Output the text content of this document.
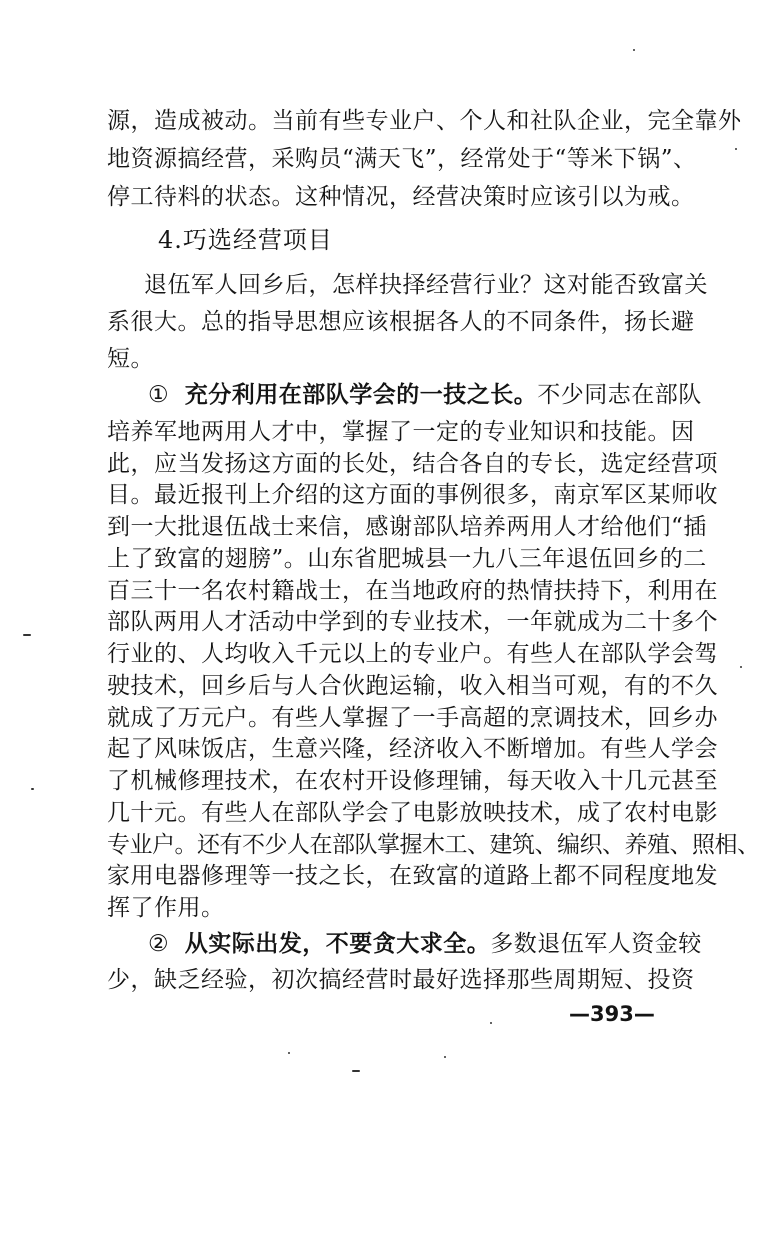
源，造成被动。当前有些专业户、个人和社队企业，完全靠外
地资源搞经营，采购员“满天飞”，经常处于“等米下锅”、
停工待料的状态。这种情况，经营决策时应该引以为戒。
4.巧选经营项目
退伍军人回乡后，怎样抉择经营行业？这对能否致富关
系很大。总的指导思想应该根据各人的不同条件，扬长避
短。
① 充分利用在部队学会的一技之长。不少同志在部队
培养军地两用人才中，掌握了一定的专业知识和技能。因
此，应当发扬这方面的长处，结合各自的专长，选定经营项
目。最近报刊上介绍的这方面的事例很多，南京军区某师收
到一大批退伍战士来信，感谢部队培养两用人才给他们“插
上了致富的翅膀”。山东省肥城县一九八三年退伍回乡的二
百三十一名农村籍战士，在当地政府的热情扶持下，利用在
部队两用人才活动中学到的专业技术，一年就成为二十多个
行业的、人均收入千元以上的专业户。有些人在部队学会驾
驶技术，回乡后与人合伙跑运输，收入相当可观，有的不久
就成了万元户。有些人掌握了一手高超的烹调技术，回乡办
起了风味饭店，生意兴隆，经济收入不断增加。有些人学会
了机械修理技术，在农村开设修理铺，每天收入十几元甚至
几十元。有些人在部队学会了电影放映技术，成了农村电影
专业户。还有不少人在部队掌握木工、建筑、编织、养殖、照相、
家用电器修理等一技之长，在致富的道路上都不同程度地发
挥了作用。
—393—
② 从实际出发，不要贪大求全。多数退伍军人资金较
少，缺乏经验，初次搞经营时最好选择那些周期短、投资
